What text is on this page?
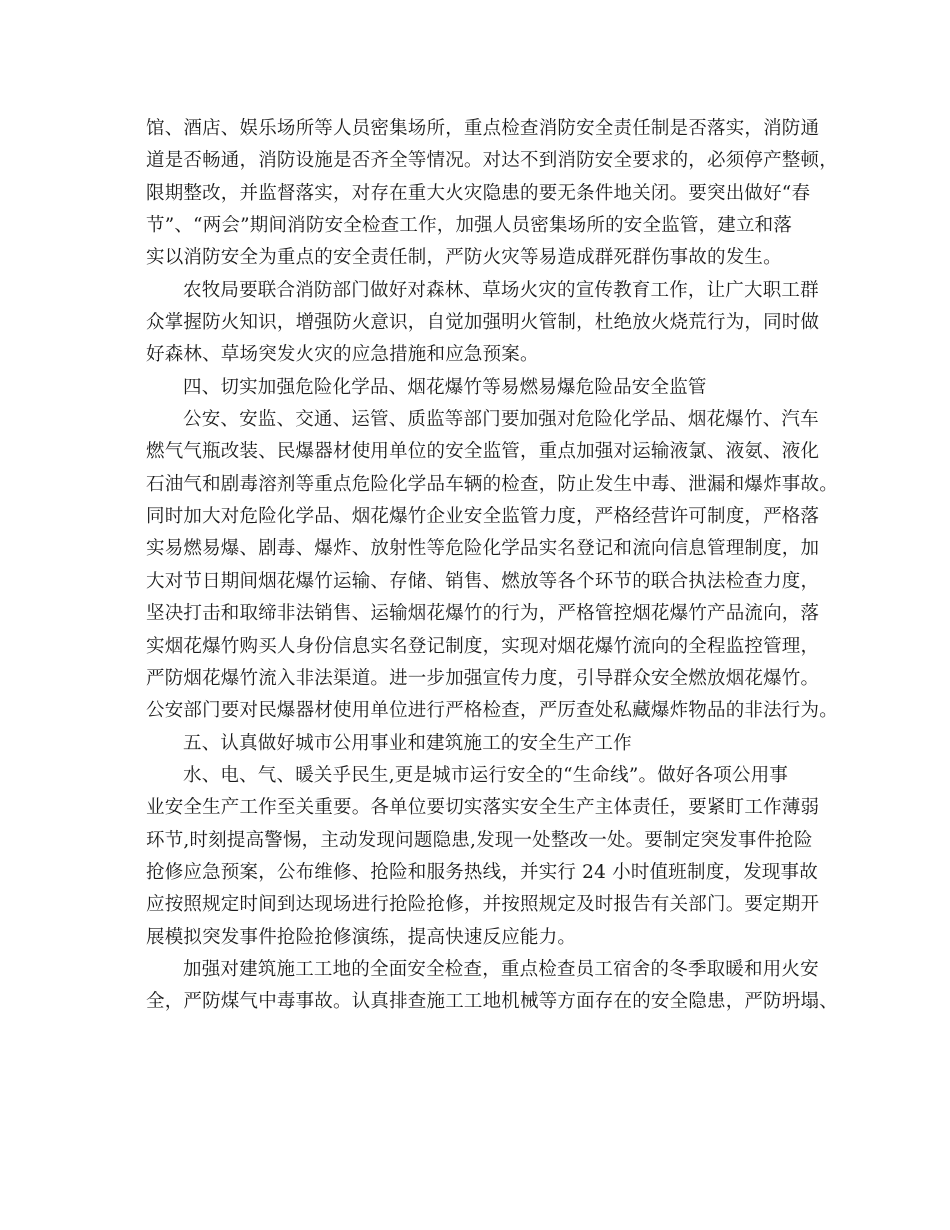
馆、酒店、娱乐场所等人员密集场所，重点检查消防安全责任制是否落实，消防通
道是否畅通，消防设施是否齐全等情况。对达不到消防安全要求的，必须停产整顿，
限期整改，并监督落实，对存在重大火灾隐患的要无条件地关闭。要突出做好“春
节”、“两会”期间消防安全检查工作，加强人员密集场所的安全监管，建立和落
实以消防安全为重点的安全责任制，严防火灾等易造成群死群伤事故的发生。
农牧局要联合消防部门做好对森林、草场火灾的宣传教育工作，让广大职工群
众掌握防火知识，增强防火意识，自觉加强明火管制，杜绝放火烧荒行为，同时做
好森林、草场突发火灾的应急措施和应急预案。
四、切实加强危险化学品、烟花爆竹等易燃易爆危险品安全监管
公安、安监、交通、运管、质监等部门要加强对危险化学品、烟花爆竹、汽车
燃气气瓶改装、民爆器材使用单位的安全监管，重点加强对运输液氯、液氨、液化
石油气和剧毒溶剂等重点危险化学品车辆的检查，防止发生中毒、泄漏和爆炸事故。
同时加大对危险化学品、烟花爆竹企业安全监管力度，严格经营许可制度，严格落
实易燃易爆、剧毒、爆炸、放射性等危险化学品实名登记和流向信息管理制度，加
大对节日期间烟花爆竹运输、存储、销售、燃放等各个环节的联合执法检查力度，
坚决打击和取缔非法销售、运输烟花爆竹的行为，严格管控烟花爆竹产品流向，落
实烟花爆竹购买人身份信息实名登记制度，实现对烟花爆竹流向的全程监控管理，
严防烟花爆竹流入非法渠道。进一步加强宣传力度，引导群众安全燃放烟花爆竹。
公安部门要对民爆器材使用单位进行严格检查，严厉查处私藏爆炸物品的非法行为。
五、认真做好城市公用事业和建筑施工的安全生产工作
水、电、气、暖关乎民生,更是城市运行安全的“生命线”。做好各项公用事
业安全生产工作至关重要。各单位要切实落实安全生产主体责任，要紧盯工作薄弱
环节,时刻提高警惕，主动发现问题隐患,发现一处整改一处。要制定突发事件抢险
抢修应急预案，公布维修、抢险和服务热线，并实行 24 小时值班制度，发现事故
应按照规定时间到达现场进行抢险抢修，并按照规定及时报告有关部门。要定期开
展模拟突发事件抢险抢修演练，提高快速反应能力。
加强对建筑施工工地的全面安全检查，重点检查员工宿舍的冬季取暖和用火安
全，严防煤气中毒事故。认真排查施工工地机械等方面存在的安全隐患，严防坍塌、
